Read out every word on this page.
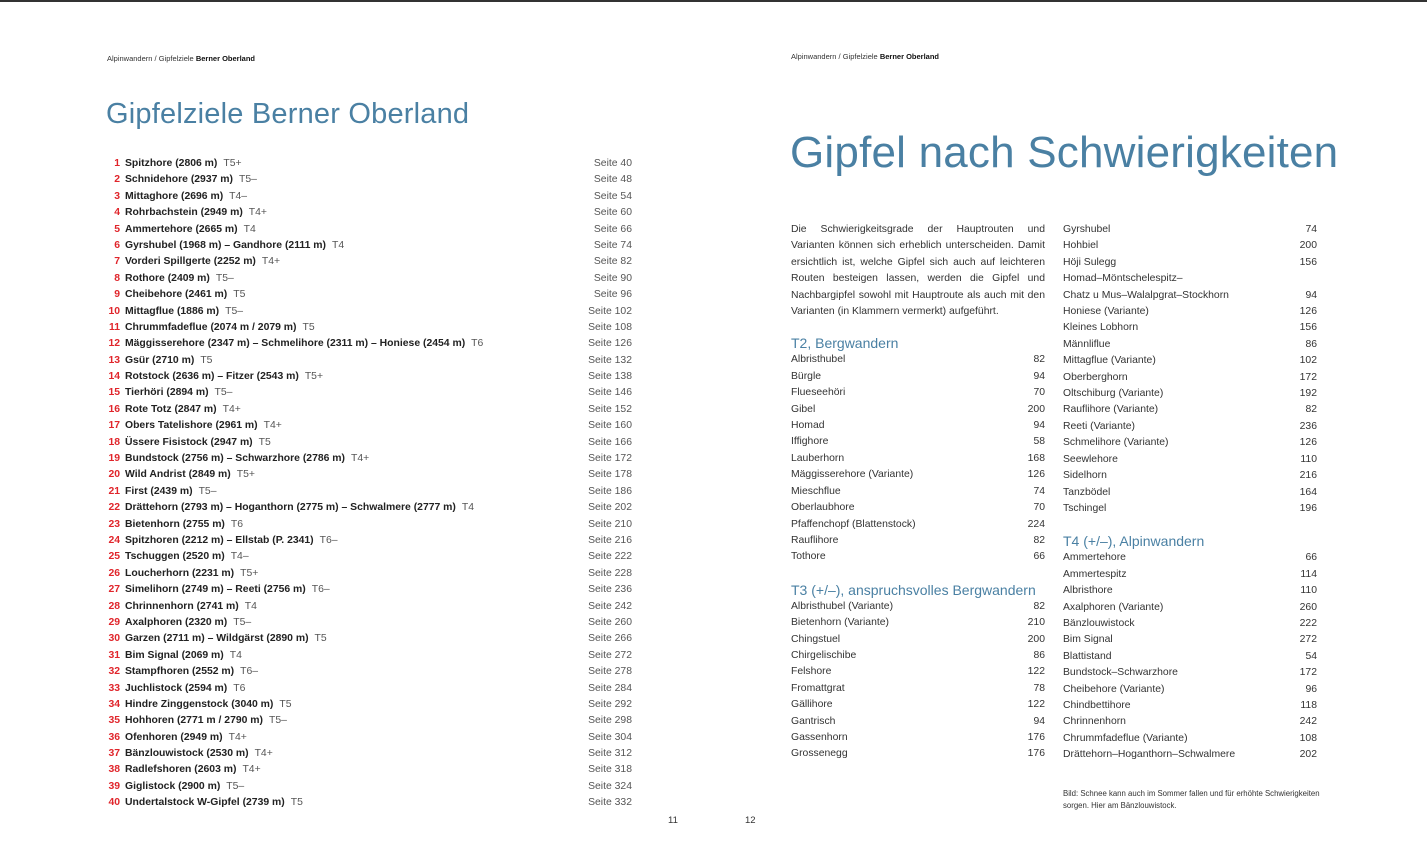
Alpinwandern / Gipfelziele Berner Oberland
Gipfelziele Berner Oberland
1 Spitzhore (2806 m) T5+	Seite 40
2 Schnidehore (2937 m) T5–	Seite 48
3 Mittaghore (2696 m) T4–	Seite 54
4 Rohrbachstein (2949 m) T4+	Seite 60
5 Ammertehore (2665 m) T4	Seite 66
6 Gyrshubel (1968 m) – Gandhore (2111 m) T4	Seite 74
7 Vorderi Spillgerte (2252 m) T4+	Seite 82
8 Rothore (2409 m) T5–	Seite 90
9 Cheibehore (2461 m) T5	Seite 96
10 Mittagflue (1886 m) T5–	Seite 102
11 Chrummfadeflue (2074 m / 2079 m) T5	Seite 108
12 Mäggisserehore (2347 m) – Schmelihore (2311 m) – Honiese (2454 m) T6	Seite 126
13 Gsür (2710 m) T5	Seite 132
14 Rotstock (2636 m) – Fitzer (2543 m) T5+	Seite 138
15 Tierhöri (2894 m) T5–	Seite 146
16 Rote Totz (2847 m) T4+	Seite 152
17 Obers Tatelishore (2961 m) T4+	Seite 160
18 Üssere Fisistock (2947 m) T5	Seite 166
19 Bundstock (2756 m) – Schwarzhore (2786 m) T4+	Seite 172
20 Wild Andrist (2849 m) T5+	Seite 178
21 First (2439 m) T5–	Seite 186
22 Drättehorn (2793 m) – Hoganthorn (2775 m) – Schwalmere (2777 m) T4	Seite 202
23 Bietenhorn (2755 m) T6	Seite 210
24 Spitzhoren (2212 m) – Ellstab (P. 2341) T6–	Seite 216
25 Tschuggen (2520 m) T4–	Seite 222
26 Loucherhorn (2231 m) T5+	Seite 228
27 Simelihorn (2749 m) – Reeti (2756 m) T6–	Seite 236
28 Chrinnenhorn (2741 m) T4	Seite 242
29 Axalphoren (2320 m) T5–	Seite 260
30 Garzen (2711 m) – Wildgärst (2890 m) T5	Seite 266
31 Bim Signal (2069 m) T4	Seite 272
32 Stampfhoren (2552 m) T6–	Seite 278
33 Juchlistock (2594 m) T6	Seite 284
34 Hindre Zinggenstock (3040 m) T5	Seite 292
35 Hohhoren (2771 m / 2790 m) T5–	Seite 298
36 Ofenhoren (2949 m) T4+	Seite 304
37 Bänzlouwistock (2530 m) T4+	Seite 312
38 Radlefshoren (2603 m) T4+	Seite 318
39 Giglistock (2900 m) T5–	Seite 324
40 Undertalstock W-Gipfel (2739 m) T5	Seite 332
11
Alpinwandern / Gipfelziele Berner Oberland
Gipfel nach Schwierigkeiten

Die Schwierigkeitsgrade der Hauptrouten und Varianten können sich erheblich unterscheiden. Damit ersichtlich ist, welche Gipfel sich auch auf leichteren Routen besteigen lassen, werden die Gipfel und Nachbargipfel sowohl mit Hauptroute als auch mit den Varianten (in Klammern vermerkt) aufgeführt.

T2, Bergwandern
Albristhubel	82
Bürgle	94
Flueseehöri	70
Gibel	200
Homad	94
Iffighore	58
Lauberhorn	168
Mäggisserehore (Variante)	126
Mieschflue	74
Oberlaubhore	70
Pfaffenchopf (Blattenstock)	224
Rauflihore	82
Tothore	66
T3 (+/–), anspruchsvolles Bergwandern
Albristhubel (Variante)	82
Bietenhorn (Variante)	210
Chingstuel	200
Chirgelischibe	86
Felshore	122
Fromattgrat	78
Gällihore	122
Gantrisch	94
Gassenhorn	176
Grossenegg	176
Gyrshubel	74
Hohbiel	200
Höji Sulegg	156
Homad–Möntschelespitz–
Chatz u Mus–Walalpgrat–Stockhorn	94
Honiese (Variante)	126
Kleines Lobhorn	156
Männliflue	86
Mittagflue (Variante)	102
Oberberghorn	172
Oltschiburg (Variante)	192
Rauflihore (Variante)	82
Reeti (Variante)	236
Schmelihore (Variante)	126
Seewlehore	110
Sidelhorn	216
Tanzbödel	164
Tschingel	196
T4 (+/–), Alpinwandern
Ammertehore	66
Ammertespitz	114
Albristhore	110
Axalphoren (Variante)	260
Bänzlouwistock	222
Bim Signal	272
Blattistand	54
Bundstock–Schwarzhore	172
Cheibehore (Variante)	96
Chindbettihore	118
Chrinnenhorn	242
Chrummfadeflue (Variante)	108
Drättehorn–Hoganthorn–Schwalmere	202
Bild: Schnee kann auch im Sommer fallen und für erhöhte Schwierigkeiten sorgen. Hier am Bänzlouwistock.
12
